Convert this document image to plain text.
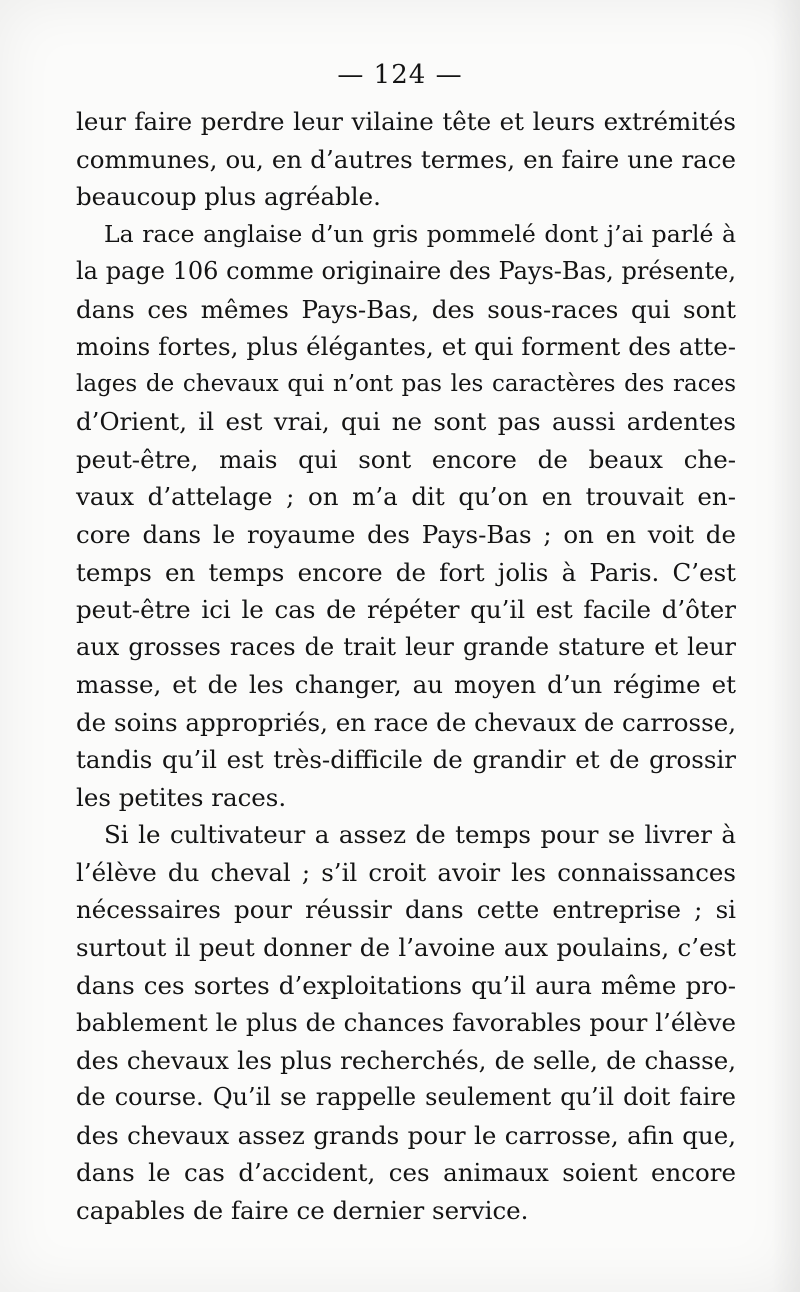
— 124 —
leur faire perdre leur vilaine tête et leurs extrémités
communes, ou, en d’autres termes, en faire une race
beaucoup plus agréable.
La race anglaise d’un gris pommelé dont j’ai parlé à
la page 106 comme originaire des Pays-Bas, présente,
dans ces mêmes Pays-Bas, des sous-races qui sont
moins fortes, plus élégantes, et qui forment des atte-
lages de chevaux qui n’ont pas les caractères des races
d’Orient, il est vrai, qui ne sont pas aussi ardentes
peut-être, mais qui sont encore de beaux che-
vaux d’attelage ; on m’a dit qu’on en trouvait en-
core dans le royaume des Pays-Bas ; on en voit de
temps en temps encore de fort jolis à Paris. C’est
peut-être ici le cas de répéter qu’il est facile d’ôter
aux grosses races de trait leur grande stature et leur
masse, et de les changer, au moyen d’un régime et
de soins appropriés, en race de chevaux de carrosse,
tandis qu’il est très-difficile de grandir et de grossir
les petites races.
Si le cultivateur a assez de temps pour se livrer à
l’élève du cheval ; s’il croit avoir les connaissances
nécessaires pour réussir dans cette entreprise ; si
surtout il peut donner de l’avoine aux poulains, c’est
dans ces sortes d’exploitations qu’il aura même pro-
bablement le plus de chances favorables pour l’élève
des chevaux les plus recherchés, de selle, de chasse,
de course. Qu’il se rappelle seulement qu’il doit faire
des chevaux assez grands pour le carrosse, afin que,
dans le cas d’accident, ces animaux soient encore
capables de faire ce dernier service.
